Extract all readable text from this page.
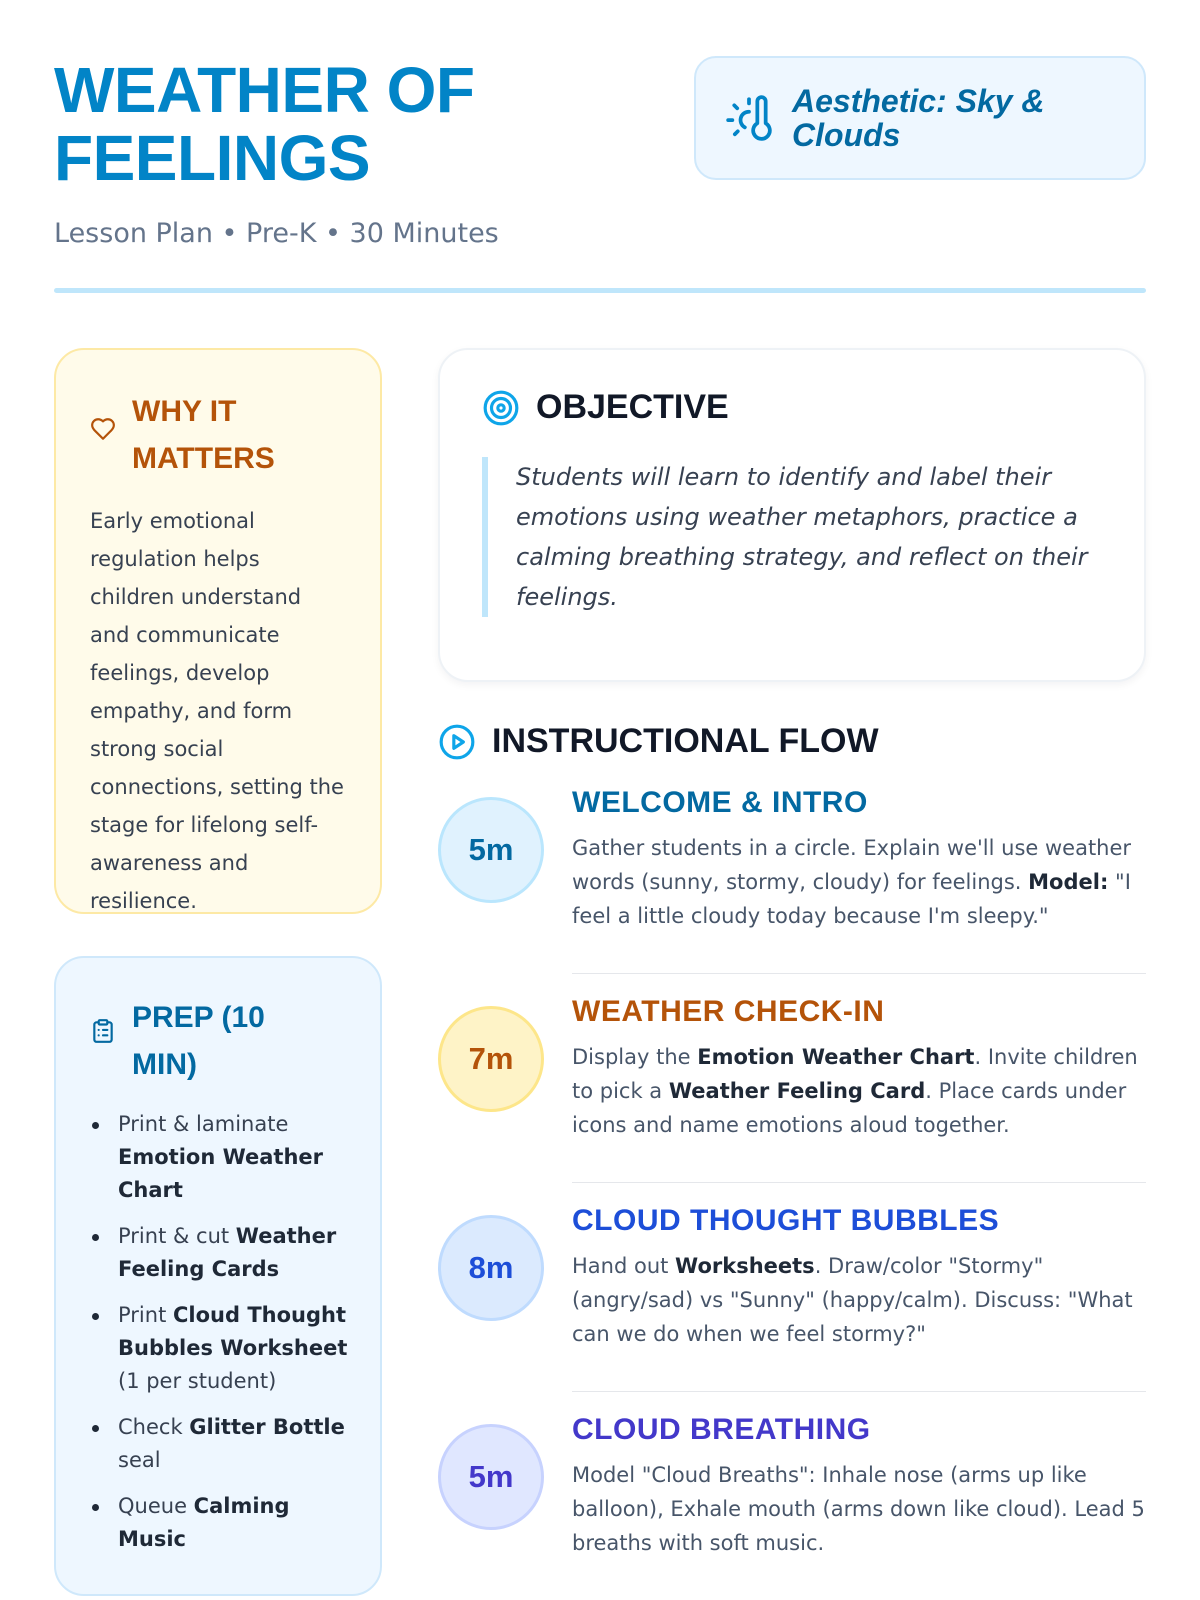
WEATHER OF
FEELINGS
Lesson Plan • Pre-K • 30 Minutes
Aesthetic: Sky &
Clouds
WHY IT
MATTERS

Early emotional regulation helps children understand and communicate feelings, develop empathy, and form strong social connections, setting the stage for lifelong self-awareness and resilience.

PREP (10
MIN)
Print & laminate Emotion Weather Chart
Print & cut Weather Feeling Cards
Print Cloud Thought Bubbles Worksheet (1 per student)
Check Glitter Bottle seal
Queue Calming Music
OBJECTIVE

Students will learn to identify and label their emotions using weather metaphors, practice a calming breathing strategy, and reflect on their feelings.

INSTRUCTIONAL FLOW
5m
WELCOME & INTRO

Gather students in a circle. Explain we'll use weather words (sunny, stormy, cloudy) for feelings. Model: "I feel a little cloudy today because I'm sleepy."

7m
WEATHER CHECK-IN

Display the Emotion Weather Chart. Invite children to pick a Weather Feeling Card. Place cards under icons and name emotions aloud together.

8m
CLOUD THOUGHT BUBBLES

Hand out Worksheets. Draw/color "Stormy" (angry/sad) vs "Sunny" (happy/calm). Discuss: "What can we do when we feel stormy?"

5m
CLOUD BREATHING

Model "Cloud Breaths": Inhale nose (arms up like balloon), Exhale mouth (arms down like cloud). Lead 5 breaths with soft music.
